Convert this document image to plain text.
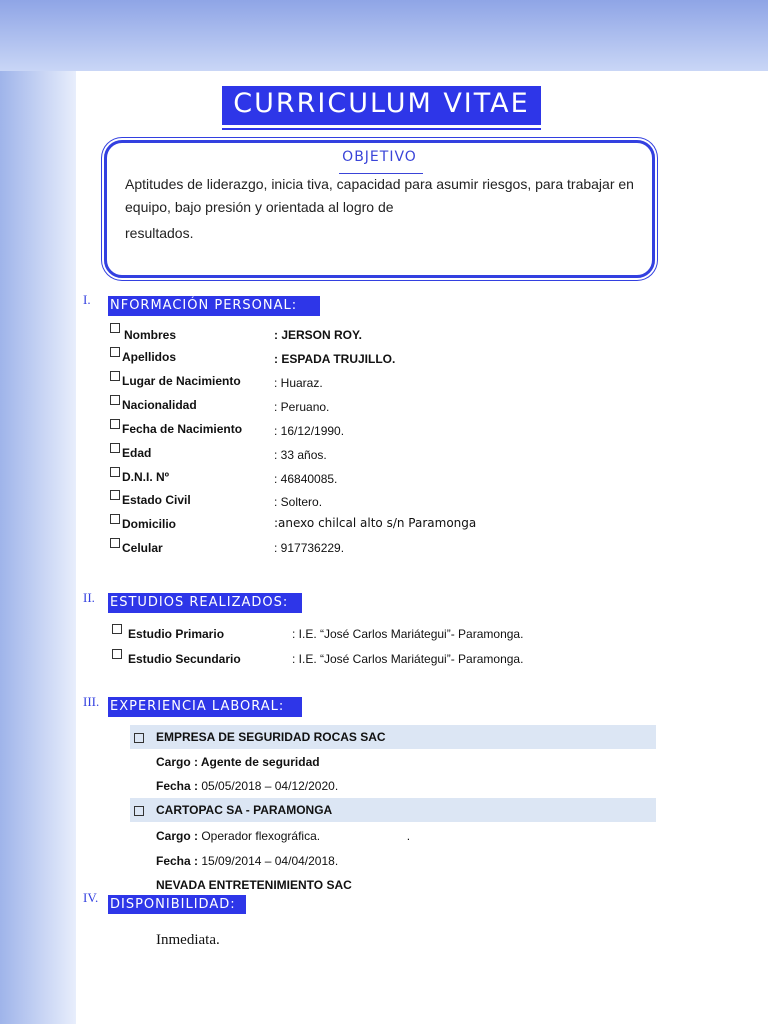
CURRICULUM VITAE
OBJETIVO
Aptitudes de liderazgo, inicia tiva, capacidad para asumir riesgos, para trabajar en
equipo, bajo presión y orientada al logro de
resultados.
I. NFORMACIÓN PERSONAL:
Nombres	: JERSON ROY.
Apellidos	: ESPADA TRUJILLO.
Lugar de Nacimiento	: Huaraz.
Nacionalidad	: Peruano.
Fecha de Nacimiento	: 16/12/1990.
Edad	: 33 años.
D.N.I. Nº	: 46840085.
Estado Civil	: Soltero.
Domicilio	:anexo chilcal alto s/n Paramonga
Celular	: 917736229.
II. ESTUDIOS REALIZADOS:
Estudio Primario	: I.E. “José Carlos Mariátegui”- Paramonga.
Estudio Secundario	: I.E. “José Carlos Mariátegui”- Paramonga.
III. EXPERIENCIA LABORAL:
EMPRESA DE SEGURIDAD ROCAS SAC
Cargo : Agente de seguridad
Fecha : 05/05/2018 – 04/12/2020.
CARTOPAC SA - PARAMONGA
Cargo : Operador flexográfica.                          .
Fecha : 15/09/2014 – 04/04/2018.
NEVADA ENTRETENIMIENTO SAC
IV. DISPONIBILIDAD:
Inmediata.
